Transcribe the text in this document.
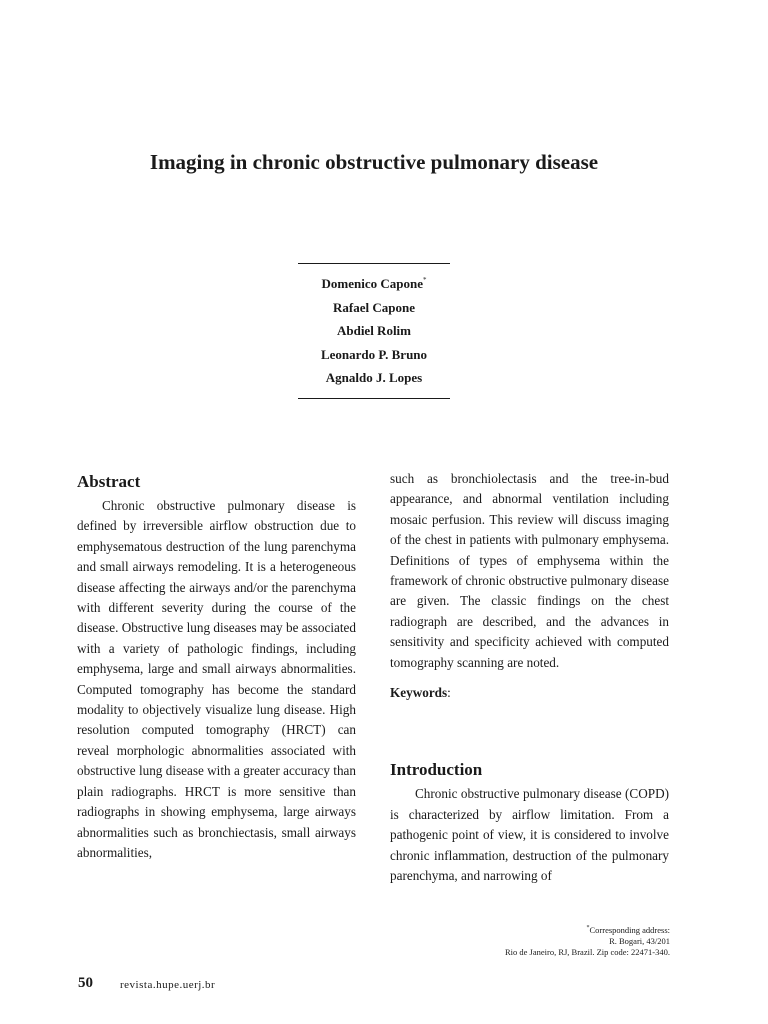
Imaging in chronic obstructive pulmonary disease
Domenico Capone*
Rafael Capone
Abdiel Rolim
Leonardo P. Bruno
Agnaldo J. Lopes
Abstract

Chronic obstructive pulmonary disease is defined by irreversible airflow obstruction due to emphysematous destruction of the lung parenchyma and small airways remodeling. It is a heterogeneous disease affecting the airways and/or the parenchyma with different severity during the course of the disease. Obstructive lung diseases may be associated with a variety of pathologic findings, including emphysema, large and small airways abnormalities. Computed tomography has become the standard modality to objectively visualize lung disease. High resolution computed tomography (HRCT) can reveal morphologic abnormalities associated with obstructive lung disease with a greater accuracy than plain radiographs. HRCT is more sensitive than radiographs in showing emphysema, large airways abnormalities such as bronchiectasis, small airways abnormalities,

such as bronchiolectasis and the tree-in-bud appearance, and abnormal ventilation including mosaic perfusion. This review will discuss imaging of the chest in patients with pulmonary emphysema. Definitions of types of emphysema within the framework of chronic obstructive pulmonary disease are given. The classic findings on the chest radiograph are described, and the advances in sensitivity and specificity achieved with computed tomography scanning are noted.

Keywords:

Introduction

Chronic obstructive pulmonary disease (COPD) is characterized by airflow limitation. From a pathogenic point of view, it is considered to involve chronic inflammation, destruction of the pulmonary parenchyma, and narrowing of

*Corresponding address:
R. Bogari, 43/201
Rio de Janeiro, RJ, Brazil. Zip code: 22471-340.
50 revista.hupe.uerj.br
